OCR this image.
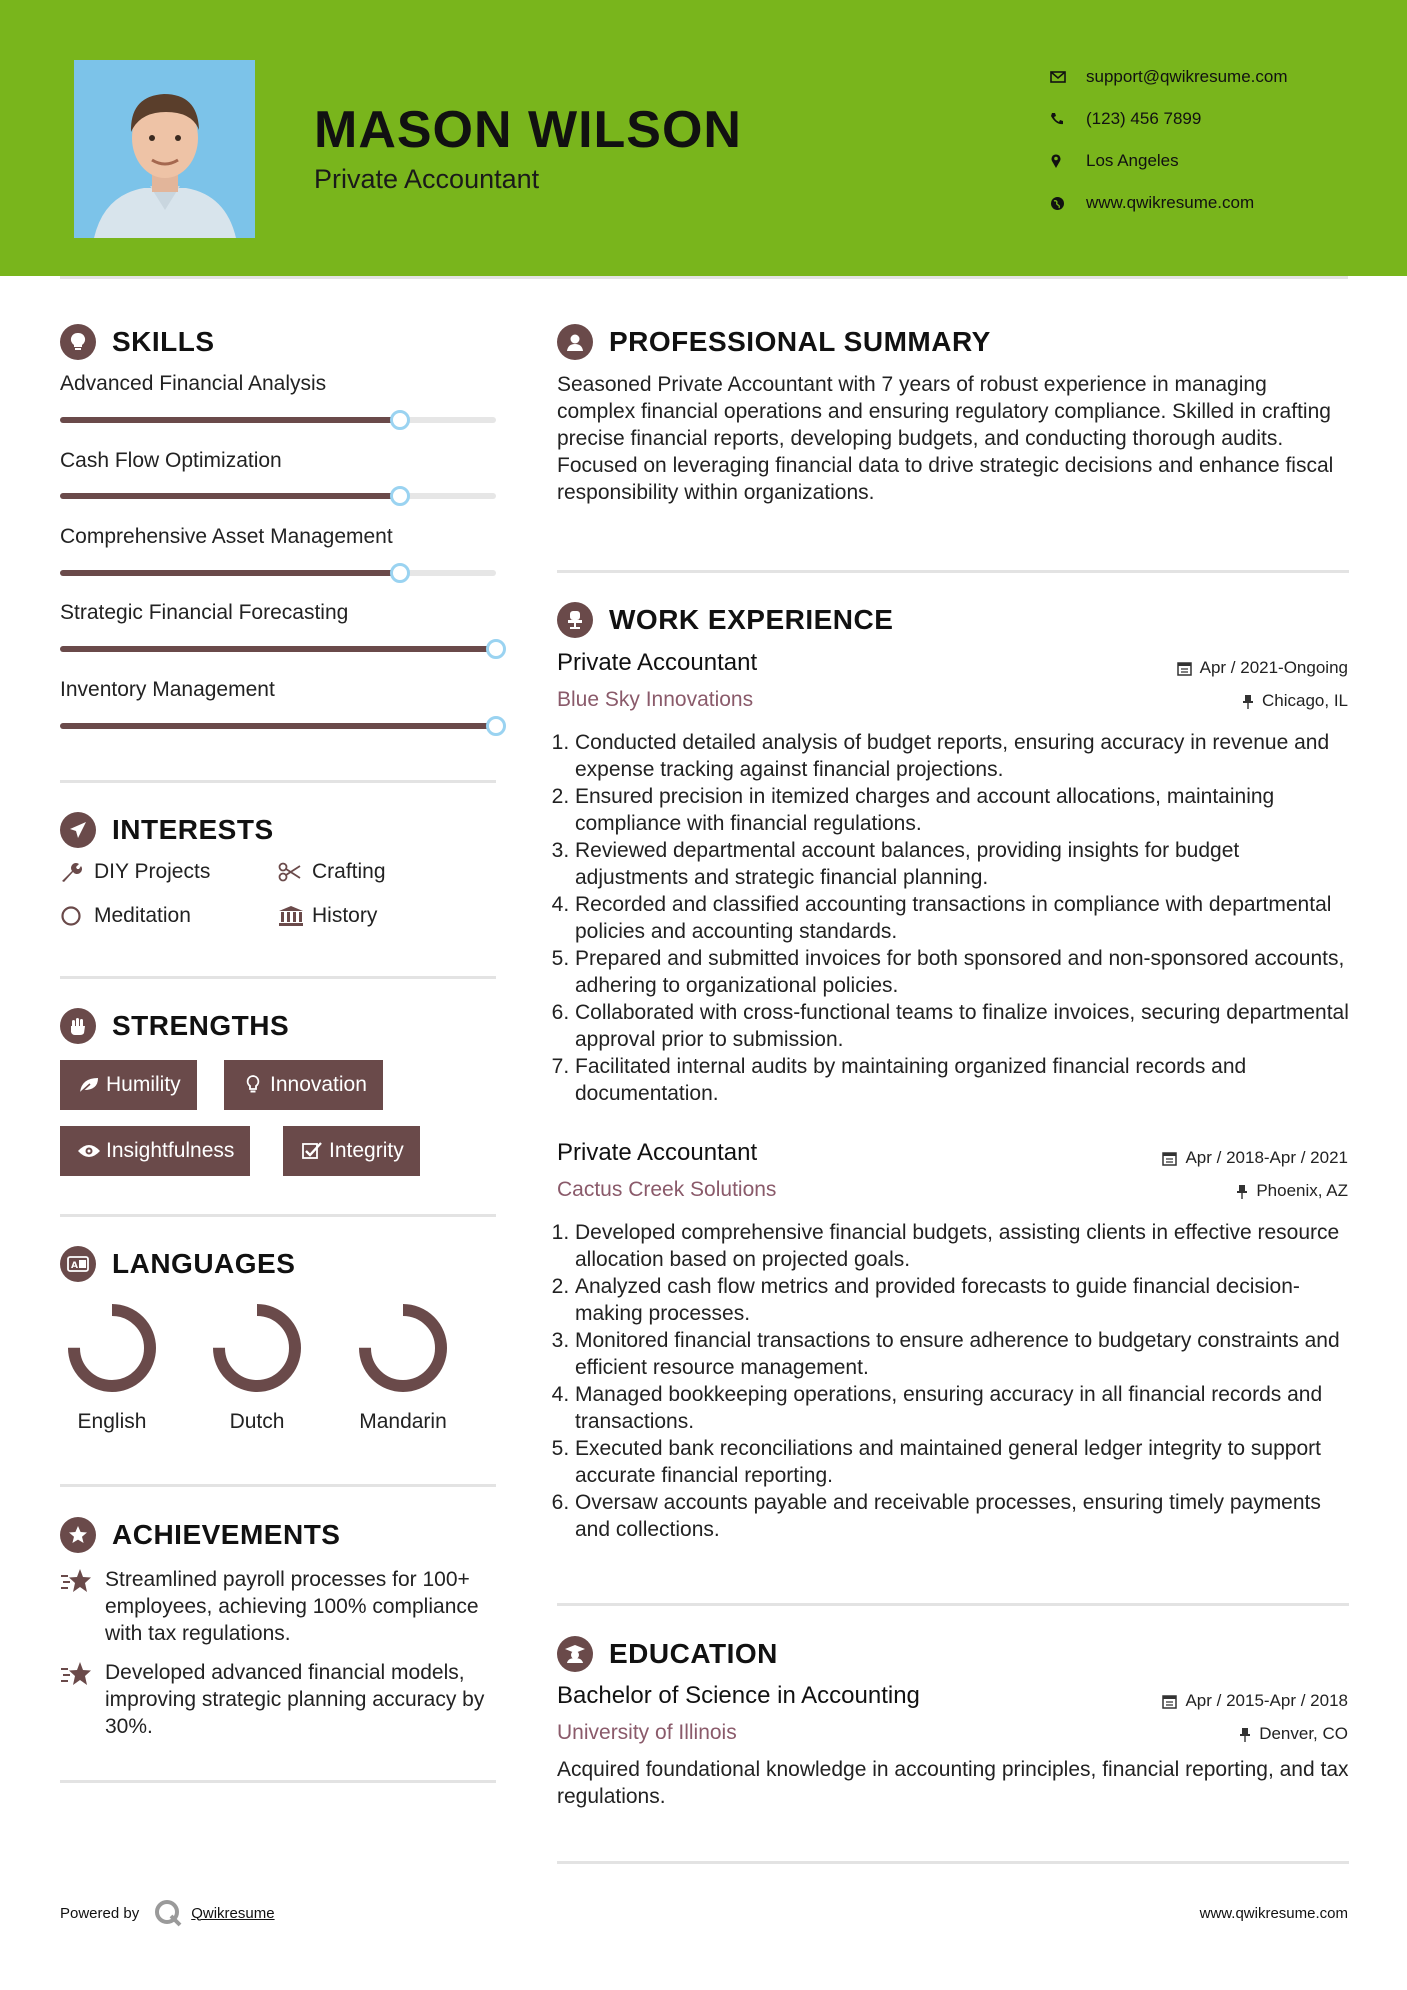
MASON WILSON
Private Accountant
support@qwikresume.com
(123) 456 7899
Los Angeles
www.qwikresume.com
SKILLS
Advanced Financial Analysis
Cash Flow Optimization
Comprehensive Asset Management
Strategic Financial Forecasting
Inventory Management
INTERESTS
DIY Projects	Crafting
Meditation	History
STRENGTHS
Humility	Innovation
Insightfulness	Integrity
A LANGUAGES
English	Dutch	Mandarin
ACHIEVEMENTS
Streamlined payroll processes for 100+ employees, achieving 100% compliance with tax regulations.
Developed advanced financial models, improving strategic planning accuracy by 30%.
PROFESSIONAL SUMMARY
Seasoned Private Accountant with 7 years of robust experience in managing complex financial operations and ensuring regulatory compliance. Skilled in crafting precise financial reports, developing budgets, and conducting thorough audits. Focused on leveraging financial data to drive strategic decisions and enhance fiscal responsibility within organizations.
WORK EXPERIENCE
Private Accountant	Apr / 2021-Ongoing
Blue Sky Innovations	Chicago, IL
1. Conducted detailed analysis of budget reports, ensuring accuracy in revenue and expense tracking against financial projections.
2. Ensured precision in itemized charges and account allocations, maintaining compliance with financial regulations.
3. Reviewed departmental account balances, providing insights for budget adjustments and strategic financial planning.
4. Recorded and classified accounting transactions in compliance with departmental policies and accounting standards.
5. Prepared and submitted invoices for both sponsored and non-sponsored accounts, adhering to organizational policies.
6. Collaborated with cross-functional teams to finalize invoices, securing departmental approval prior to submission.
7. Facilitated internal audits by maintaining organized financial records and documentation.
Private Accountant	Apr / 2018-Apr / 2021
Cactus Creek Solutions	Phoenix, AZ
1. Developed comprehensive financial budgets, assisting clients in effective resource allocation based on projected goals.
2. Analyzed cash flow metrics and provided forecasts to guide financial decision-making processes.
3. Monitored financial transactions to ensure adherence to budgetary constraints and efficient resource management.
4. Managed bookkeeping operations, ensuring accuracy in all financial records and transactions.
5. Executed bank reconciliations and maintained general ledger integrity to support accurate financial reporting.
6. Oversaw accounts payable and receivable processes, ensuring timely payments and collections.
EDUCATION
Bachelor of Science in Accounting	Apr / 2015-Apr / 2018
University of Illinois	Denver, CO
Acquired foundational knowledge in accounting principles, financial reporting, and tax regulations.
Powered by	Qwikresume	www.qwikresume.com
